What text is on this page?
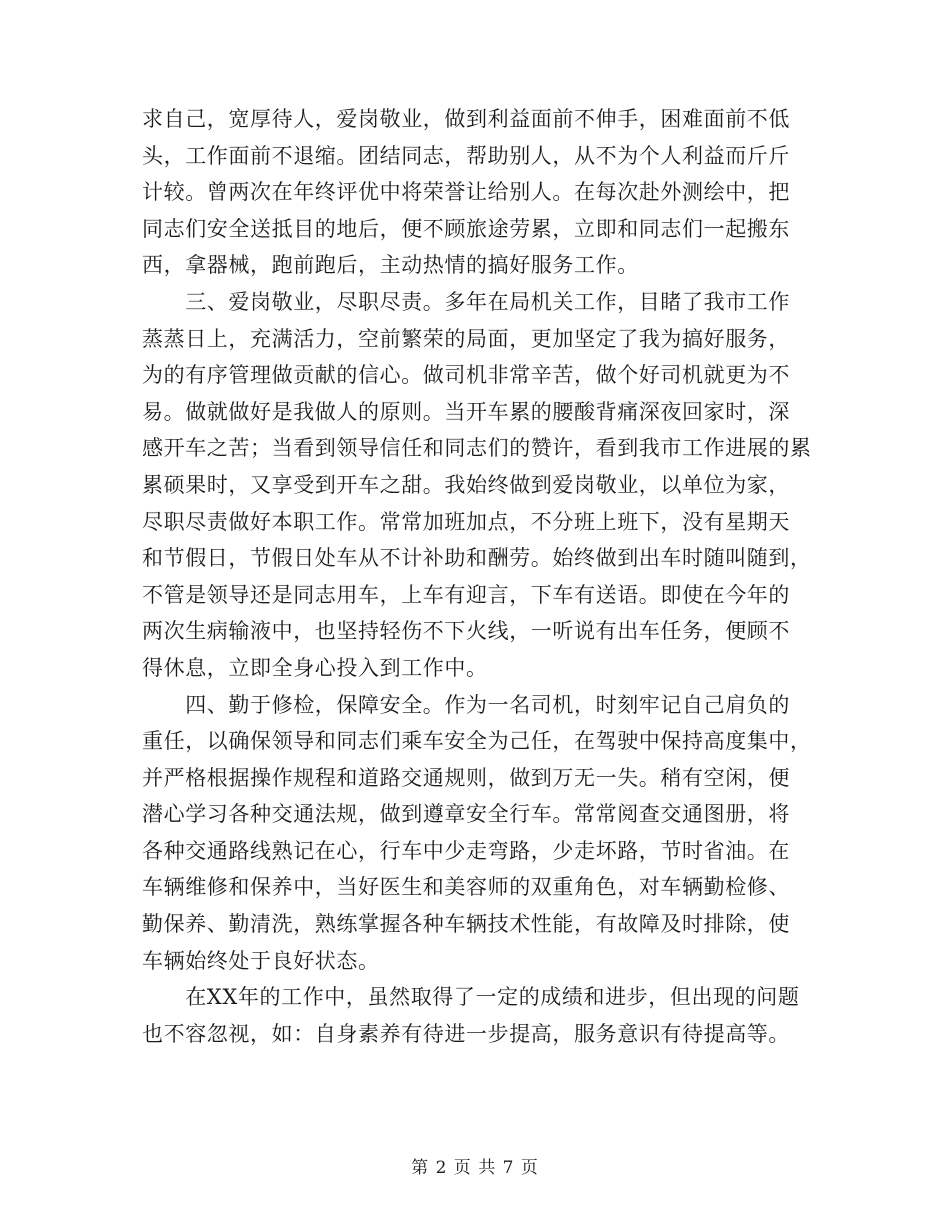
求自己，宽厚待人，爱岗敬业，做到利益面前不伸手，困难面前不低
头，工作面前不退缩。团结同志，帮助别人，从不为个人利益而斤斤
计较。曾两次在年终评优中将荣誉让给别人。在每次赴外测绘中，把
同志们安全送抵目的地后，便不顾旅途劳累，立即和同志们一起搬东
西，拿器械，跑前跑后，主动热情的搞好服务工作。
　　三、爱岗敬业，尽职尽责。多年在局机关工作，目睹了我市工作
蒸蒸日上，充满活力，空前繁荣的局面，更加坚定了我为搞好服务，
为的有序管理做贡献的信心。做司机非常辛苦，做个好司机就更为不
易。做就做好是我做人的原则。当开车累的腰酸背痛深夜回家时，深
感开车之苦；当看到领导信任和同志们的赞许，看到我市工作进展的累
累硕果时，又享受到开车之甜。我始终做到爱岗敬业，以单位为家，
尽职尽责做好本职工作。常常加班加点，不分班上班下，没有星期天
和节假日，节假日处车从不计补助和酬劳。始终做到出车时随叫随到，
不管是领导还是同志用车，上车有迎言，下车有送语。即使在今年的
两次生病输液中，也坚持轻伤不下火线，一听说有出车任务，便顾不
得休息，立即全身心投入到工作中。
　　四、勤于修检，保障安全。作为一名司机，时刻牢记自己肩负的
重任，以确保领导和同志们乘车安全为己任，在驾驶中保持高度集中，
并严格根据操作规程和道路交通规则，做到万无一失。稍有空闲，便
潜心学习各种交通法规，做到遵章安全行车。常常阅查交通图册，将
各种交通路线熟记在心，行车中少走弯路，少走坏路，节时省油。在
车辆维修和保养中，当好医生和美容师的双重角色，对车辆勤检修、
勤保养、勤清洗，熟练掌握各种车辆技术性能，有故障及时排除，使
车辆始终处于良好状态。
　　在XX年的工作中，虽然取得了一定的成绩和进步，但出现的问题
也不容忽视，如：自身素养有待进一步提高，服务意识有待提高等。
第 2 页 共 7 页
